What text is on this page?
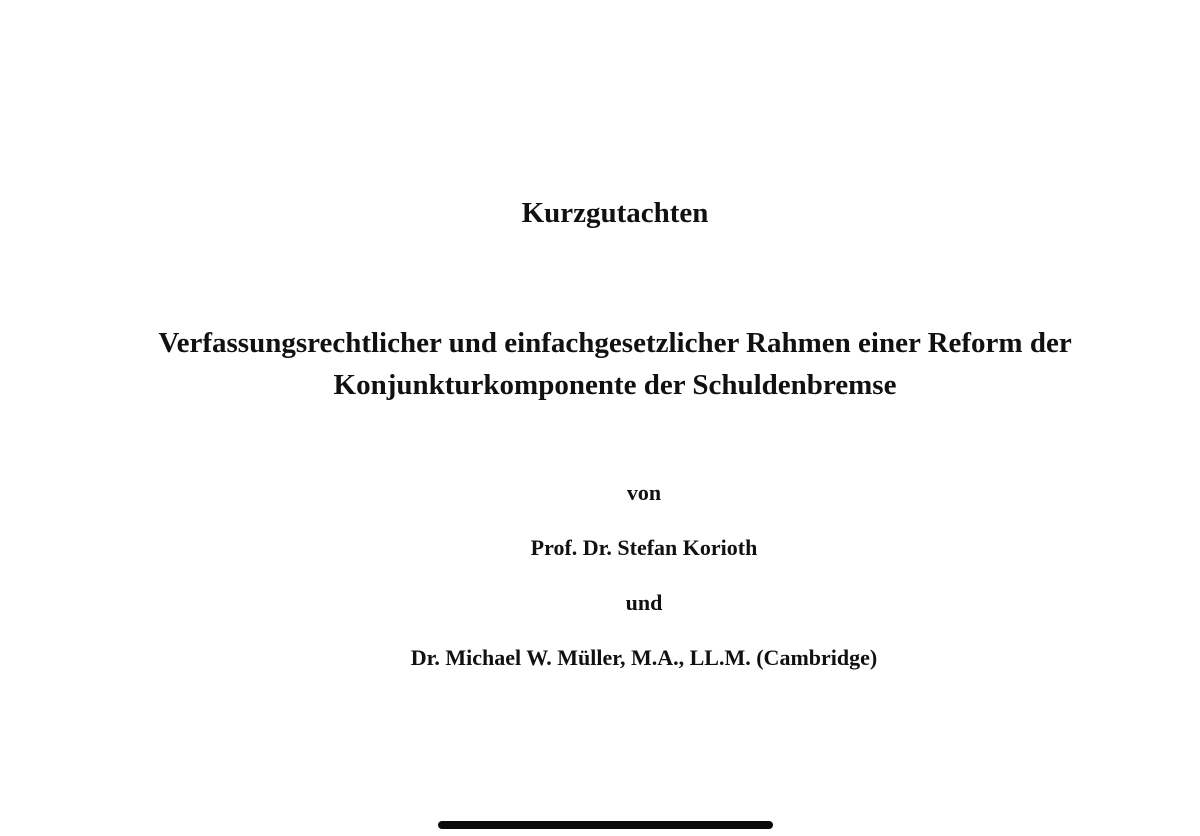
Kurzgutachten
Verfassungsrechtlicher und einfachgesetzlicher Rahmen einer Reform der
Konjunkturkomponente der Schuldenbremse
von
Prof. Dr. Stefan Korioth
und
Dr. Michael W. Müller, M.A., LL.M. (Cambridge)
